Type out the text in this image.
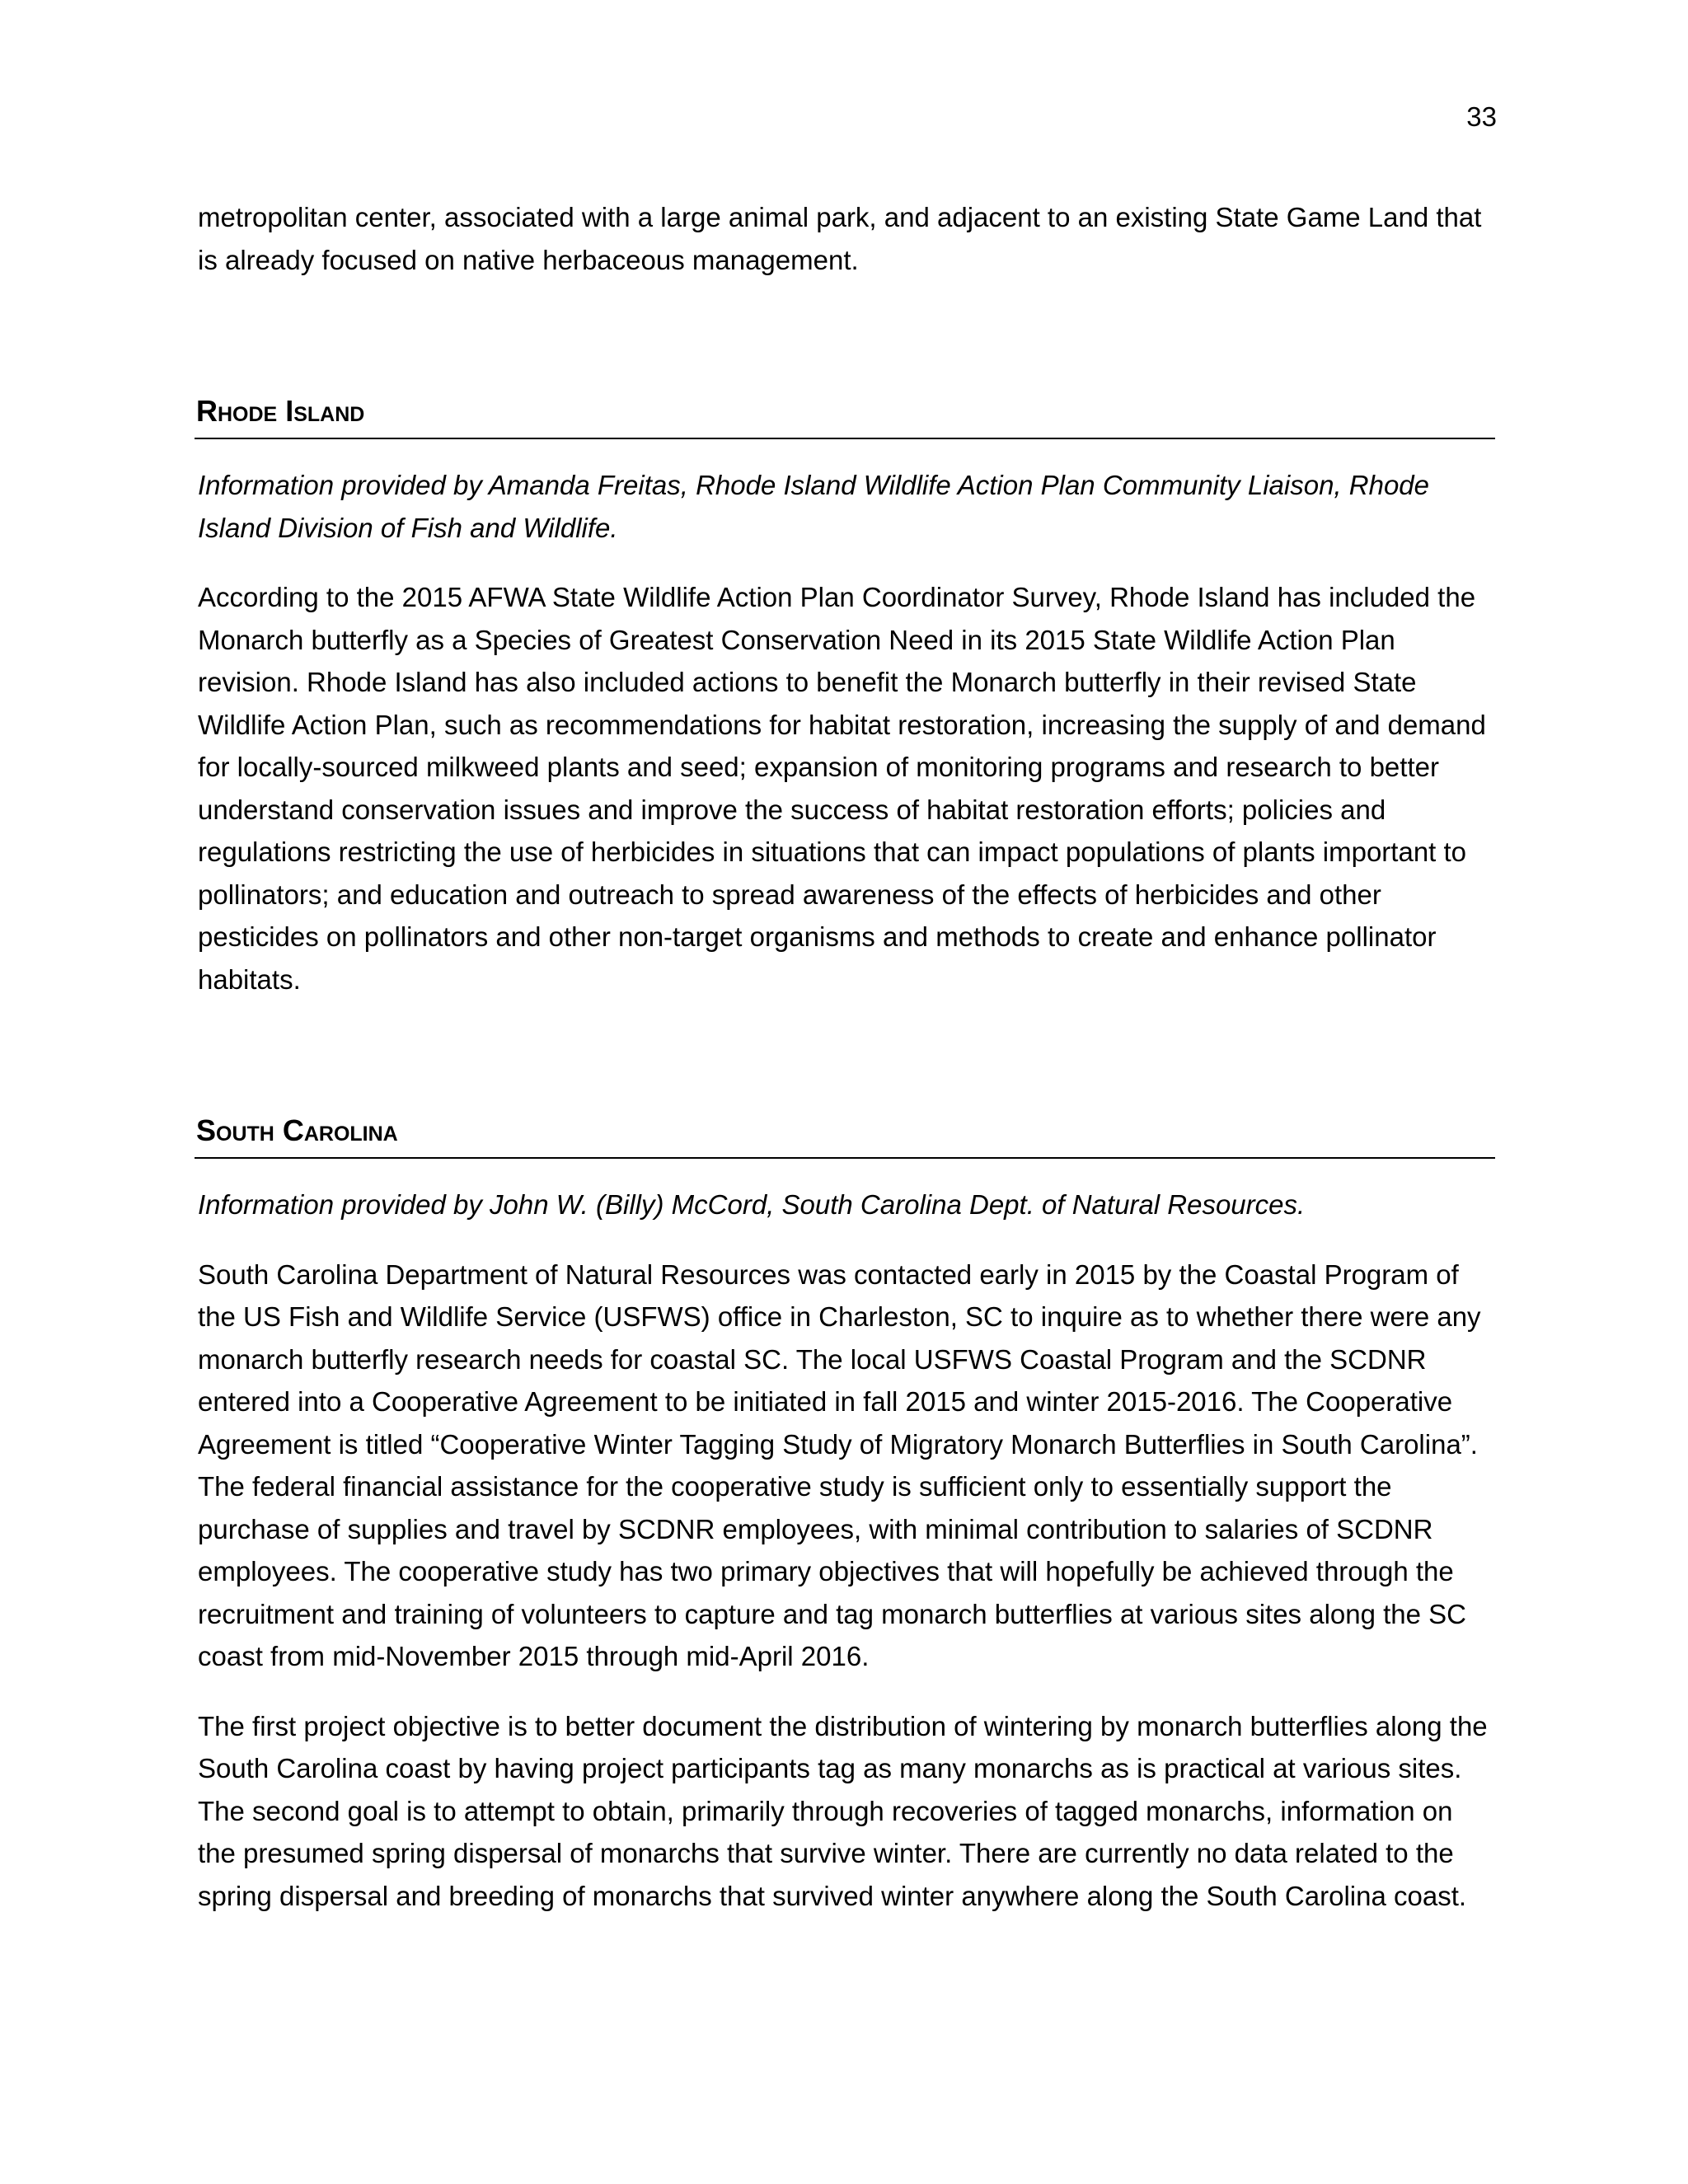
33

metropolitan center, associated with a large animal park, and adjacent to an existing State Game Land that is already focused on native herbaceous management.

Rhode Island

Information provided by Amanda Freitas, Rhode Island Wildlife Action Plan Community Liaison, Rhode Island Division of Fish and Wildlife.

According to the 2015 AFWA State Wildlife Action Plan Coordinator Survey, Rhode Island has included the Monarch butterfly as a Species of Greatest Conservation Need in its 2015 State Wildlife Action Plan revision. Rhode Island has also included actions to benefit the Monarch butterfly in their revised State Wildlife Action Plan, such as recommendations for habitat restoration, increasing the supply of and demand for locally-sourced milkweed plants and seed; expansion of monitoring programs and research to better understand conservation issues and improve the success of habitat restoration efforts; policies and regulations restricting the use of herbicides in situations that can impact populations of plants important to pollinators; and education and outreach to spread awareness of the effects of herbicides and other pesticides on pollinators and other non-target organisms and methods to create and enhance pollinator habitats.

South Carolina

Information provided by John W. (Billy) McCord, South Carolina Dept. of Natural Resources.

South Carolina Department of Natural Resources was contacted early in 2015 by the Coastal Program of the US Fish and Wildlife Service (USFWS) office in Charleston, SC to inquire as to whether there were any monarch butterfly research needs for coastal SC. The local USFWS Coastal Program and the SCDNR entered into a Cooperative Agreement to be initiated in fall 2015 and winter 2015-2016. The Cooperative Agreement is titled “Cooperative Winter Tagging Study of Migratory Monarch Butterflies in South Carolina”. The federal financial assistance for the cooperative study is sufficient only to essentially support the purchase of supplies and travel by SCDNR employees, with minimal contribution to salaries of SCDNR employees. The cooperative study has two primary objectives that will hopefully be achieved through the recruitment and training of volunteers to capture and tag monarch butterflies at various sites along the SC coast from mid-November 2015 through mid-April 2016.

The first project objective is to better document the distribution of wintering by monarch butterflies along the South Carolina coast by having project participants tag as many monarchs as is practical at various sites. The second goal is to attempt to obtain, primarily through recoveries of tagged monarchs, information on the presumed spring dispersal of monarchs that survive winter. There are currently no data related to the spring dispersal and breeding of monarchs that survived winter anywhere along the South Carolina coast.
